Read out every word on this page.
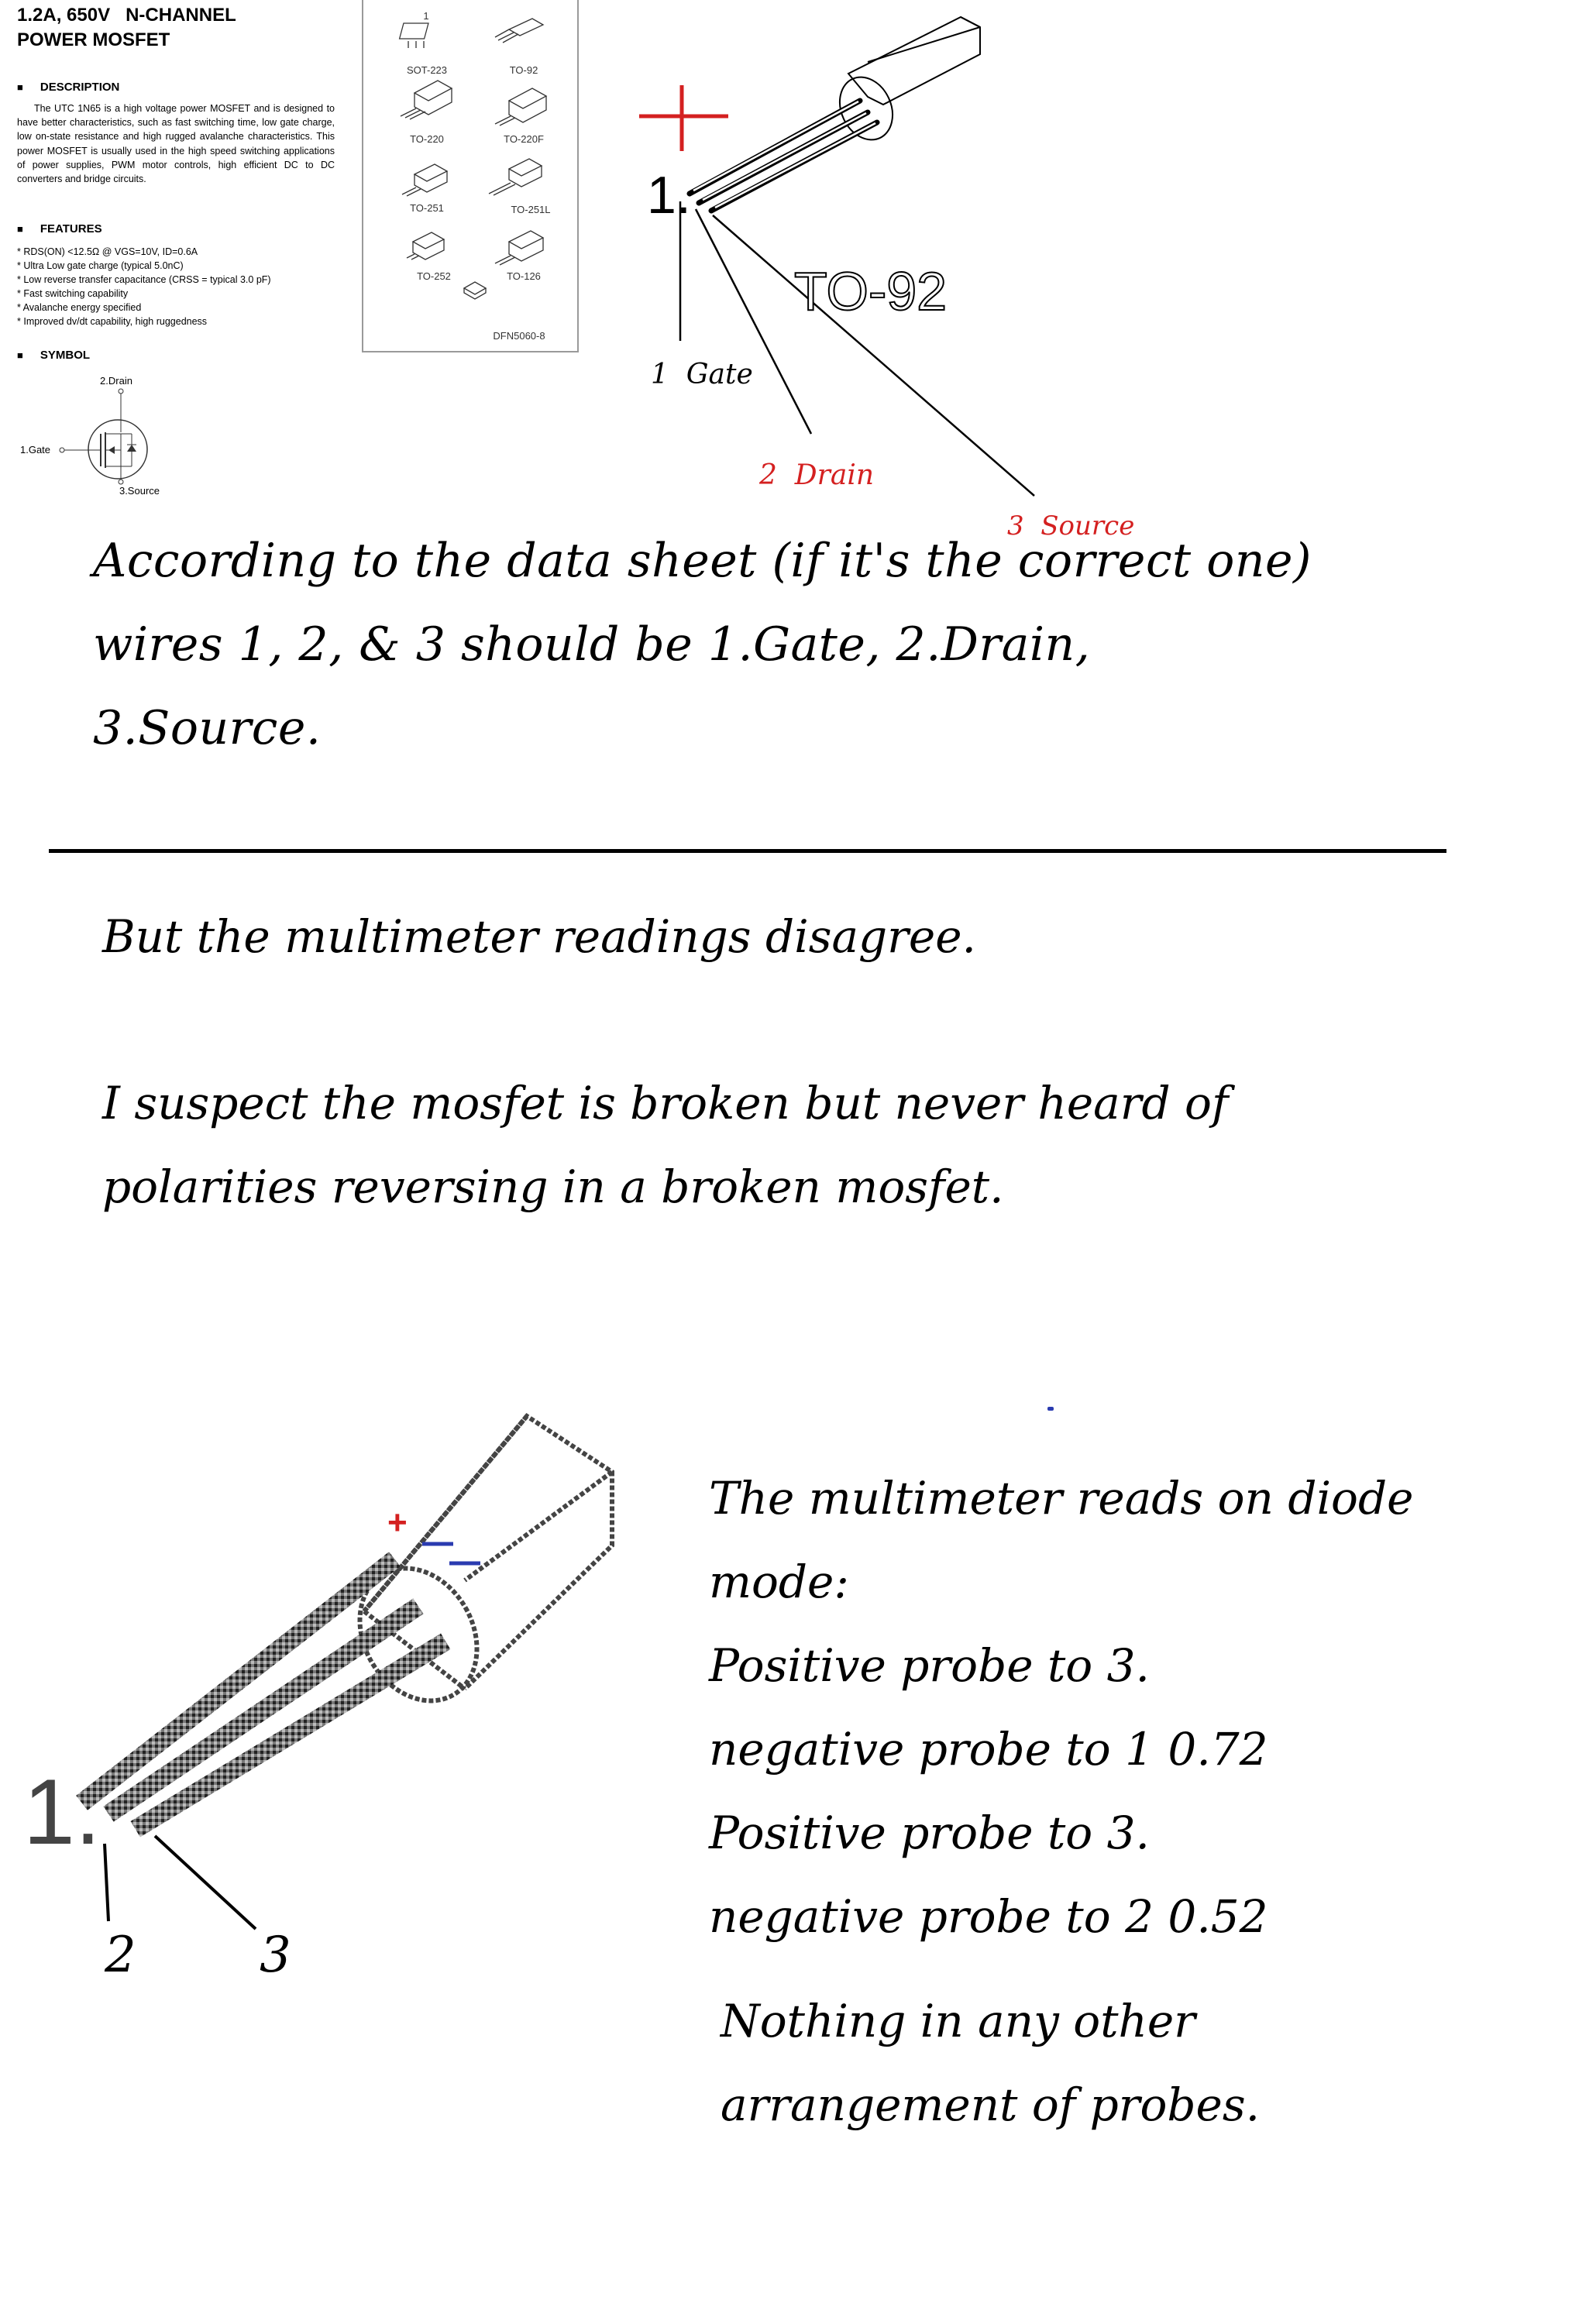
1.2A, 650V   N-CHANNEL
POWER MOSFET
■ DESCRIPTION
The UTC 1N65 is a high voltage power MOSFET and is designed to have better characteristics, such as fast switching time, low gate charge, low on-state resistance and high rugged avalanche characteristics. This power MOSFET is usually used in the high speed switching applications of power supplies, PWM motor controls, high efficient DC to DC converters and bridge circuits.
■ FEATURES
* RDS(ON) <12.5Ω @ VGS=10V, ID=0.6A
* Ultra Low gate charge (typical 5.0nC)
* Low reverse transfer capacitance (CRSS = typical 3.0 pF)
* Fast switching capability
* Avalanche energy specified
* Improved dv/dt capability, high ruggedness
■ SYMBOL
2.Drain
1.Gate
3.Source
1
SOT-223	TO-92
TO-220	TO-220F
TO-251	TO-251L
TO-252	TO-126
DFN5060-8
1.
TO-92
1  Gate
2  Drain
3  Source
According to the data sheet (if it's the correct one)
wires 1, 2, & 3 should be 1.Gate, 2.Drain,
3.Source.
But the multimeter readings disagree.
I suspect the mosfet is broken but never heard of
polarities reversing in a broken mosfet.
+
1.
2 3
The multimeter reads on diode
mode:
Positive probe to 3.
negative probe to 1 0.72
Positive probe to 3.
negative probe to 2 0.52
Nothing in any other
arrangement of probes.
